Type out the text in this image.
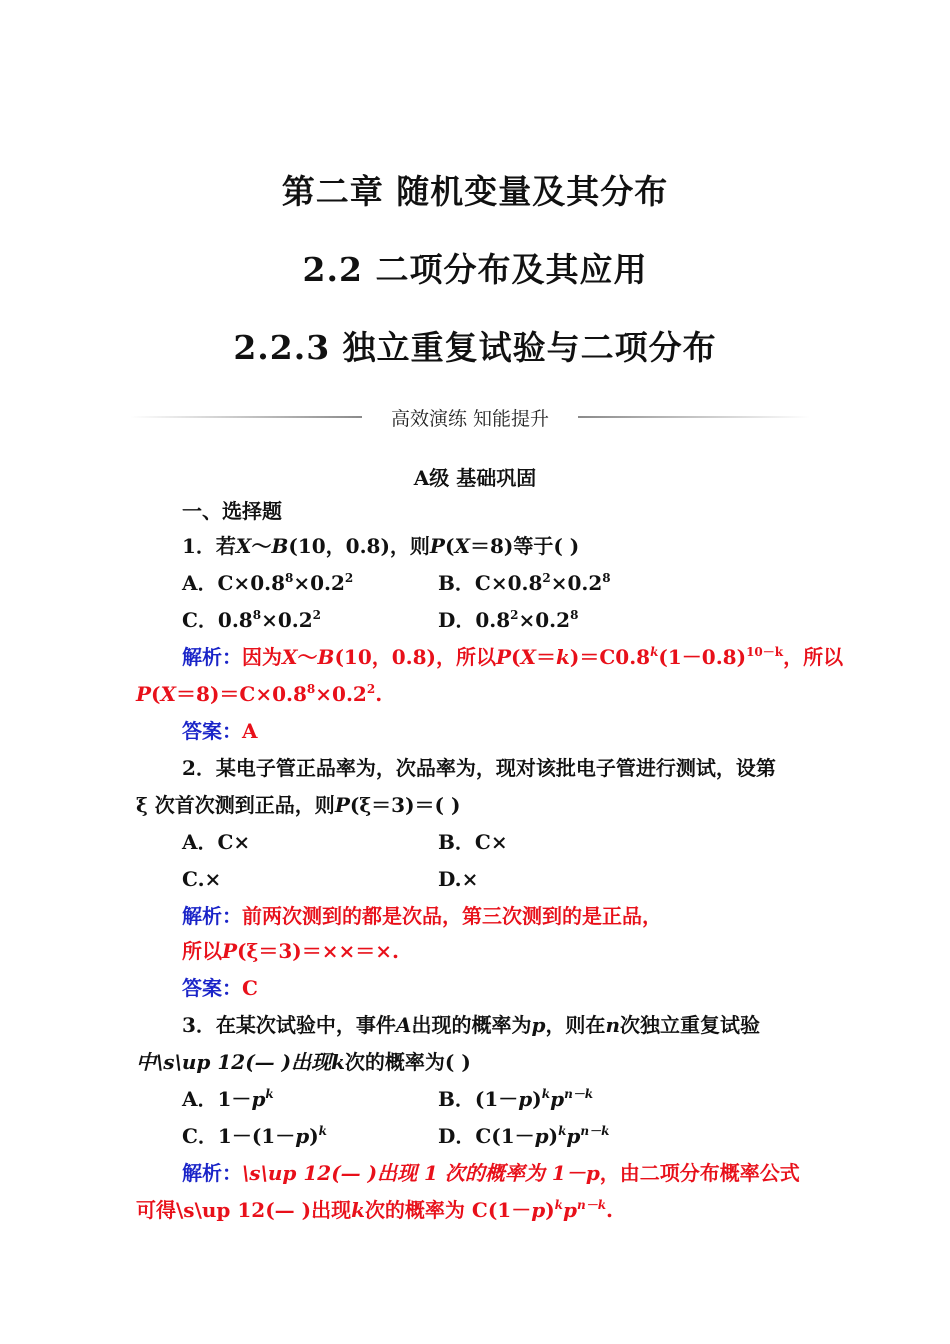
第二章 随机变量及其分布
2.2 二项分布及其应用
2.2.3 独立重复试验与二项分布
高效演练 知能提升
A级 基础巩固
一、选择题
1．若X～B(10，0.8)，则P(X＝8)等于( )
A．$C\times 0.8^8\times 0.2^2$	B．$C\times 0.8^2\times 0.2^8$
C．$0.8^8\times 0.2^2$	D．$0.8^2\times 0.2^8$
解析：因为X～B(10，0.8)，所以$P(X=k)=C0.8^k(1-0.8)^{10-k}$，所以
$P(X=8)=C\times 0.8^8\times 0.2^2$.
答案：A
2．某电子管正品率为，次品率为，现对该批电子管进行测试，设第
ξ 次首次测到正品，则P(ξ＝3)＝( )
A．C×	B．C×
C.×	D.×
解析：前两次测到的都是次品，第三次测到的是正品，
所以P(ξ＝3)＝××＝×.
答案：C
3．在某次试验中，事件A出现的概率为p，则在n次独立重复试验
中\s\up 12(— )出现k次的概率为( )
A．$1-p^k$	B．$(1-p)^kp^{n-k}$
C．$1-(1-p)^k$	D．$C(1-p)^kp^{n-k}$
解析：\s\up 12(— )出现 1 次的概率为 1－p，由二项分布概率公式
可得\s\up 12(— )出现k次的概率为 $C(1-p)^kp^{n-k}$.
